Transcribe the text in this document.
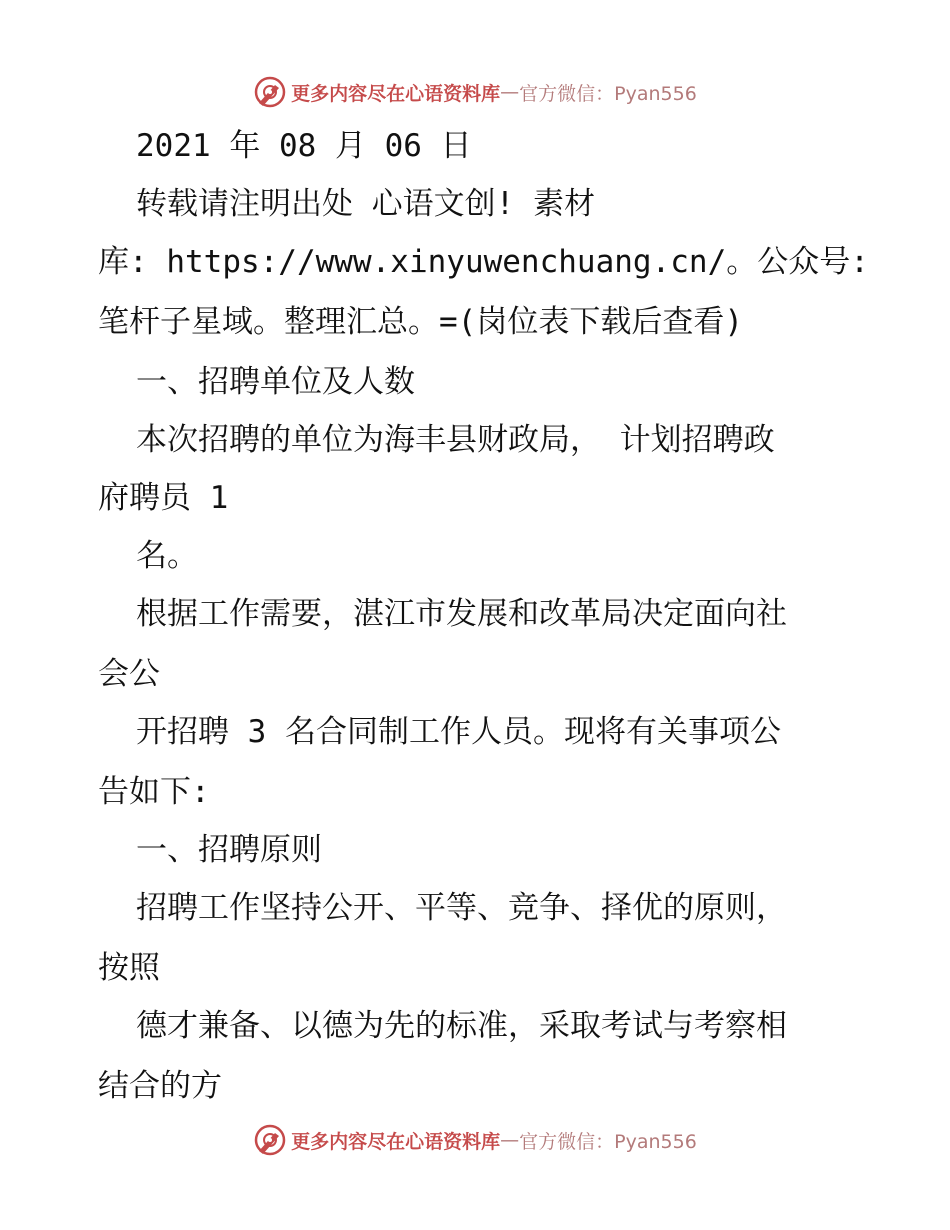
更多内容尽在心语资料库 — 官方微信：Pyan556
2021 年 08 月 06 日
转载请注明出处 心语文创! 素材
库: https://www.xinyuwenchuang.cn/。公众号:
笔杆子星域。整理汇总。=(岗位表下载后查看)
一、招聘单位及人数
本次招聘的单位为海丰县财政局， 计划招聘政
府聘员 1
名。
根据工作需要，湛江市发展和改革局决定面向社
会公
开招聘 3 名合同制工作人员。现将有关事项公
告如下:
一、招聘原则
招聘工作坚持公开、平等、竞争、择优的原则，
按照
德才兼备、以德为先的标准，采取考试与考察相
结合的方
更多内容尽在心语资料库 — 官方微信：Pyan556
